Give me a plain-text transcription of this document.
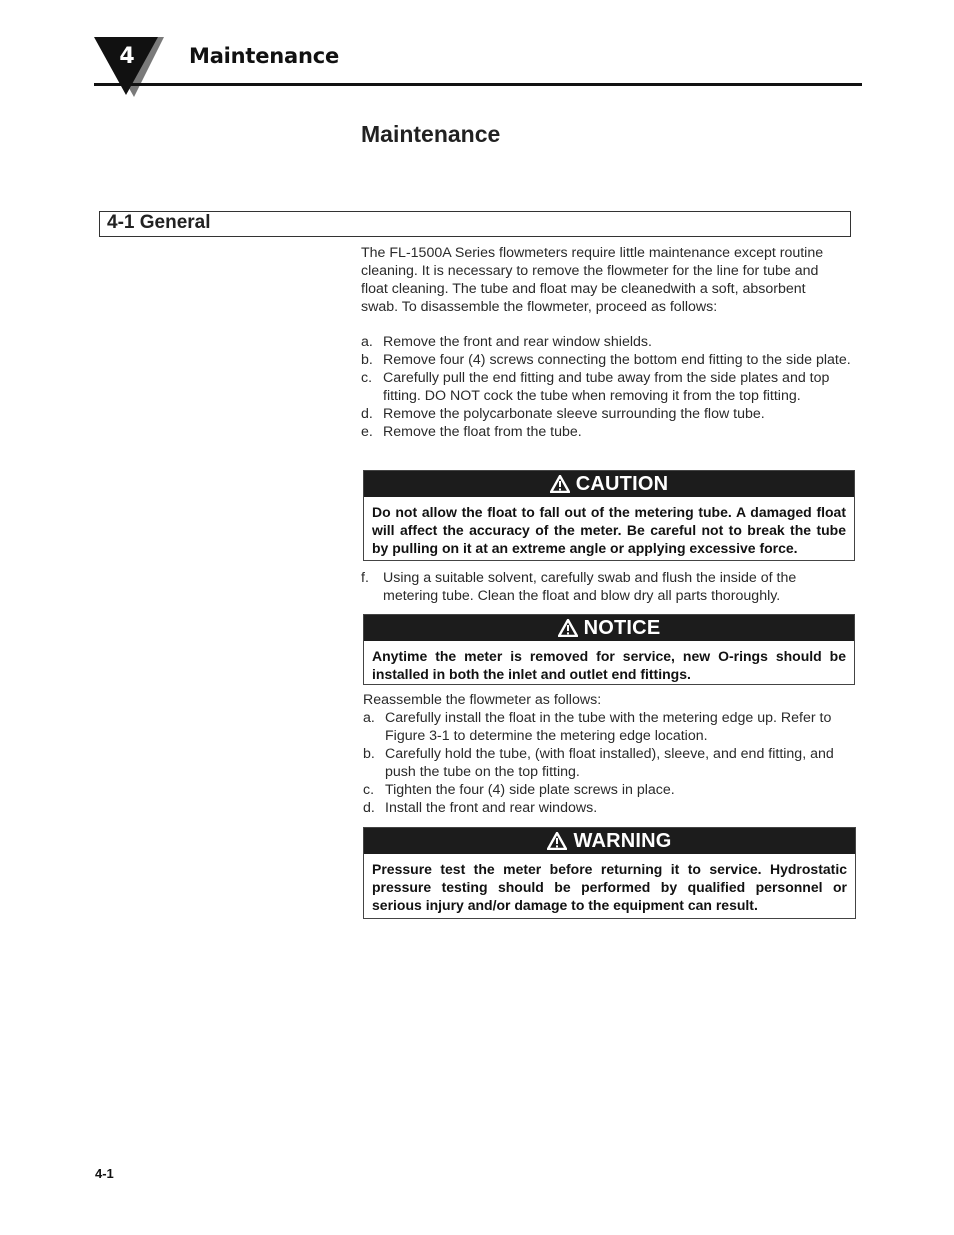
4	Maintenance
Maintenance
4-1 General

The FL-1500A Series flowmeters require little maintenance except routine cleaning. It is necessary to remove the flowmeter for the line for tube and float cleaning. The tube and float may be cleanedwith a soft, absorbent swab. To disassemble the flowmeter, proceed as follows:

a. Remove the front and rear window shields.
b. Remove four (4) screws connecting the bottom end fitting to the side plate.
c. Carefully pull the end fitting and tube away from the side plates and top fitting. DO NOT cock the tube when removing it from the top fitting.
d. Remove the polycarbonate sleeve surrounding the flow tube.
e. Remove the float from the tube.
CAUTION

Do not allow the float to fall out of the metering tube. A damaged float will affect the accuracy of the meter. Be careful not to break the tube by pulling on it at an extreme angle or applying excessive force.

f. Using a suitable solvent, carefully swab and flush the inside of the metering tube. Clean the float and blow dry all parts thoroughly.
NOTICE

Anytime the meter is removed for service, new O-rings should be installed in both the inlet and outlet end fittings.

Reassemble the flowmeter as follows:
a. Carefully install the float in the tube with the metering edge up. Refer to Figure 3-1 to determine the metering edge location.
b. Carefully hold the tube, (with float installed), sleeve, and end fitting, and push the tube on the top fitting.
c. Tighten the four (4) side plate screws in place.
d. Install the front and rear windows.
WARNING

Pressure test the meter before returning it to service. Hydrostatic pressure testing should be performed by qualified personnel or serious injury and/or damage to the equipment can result.

4-1
